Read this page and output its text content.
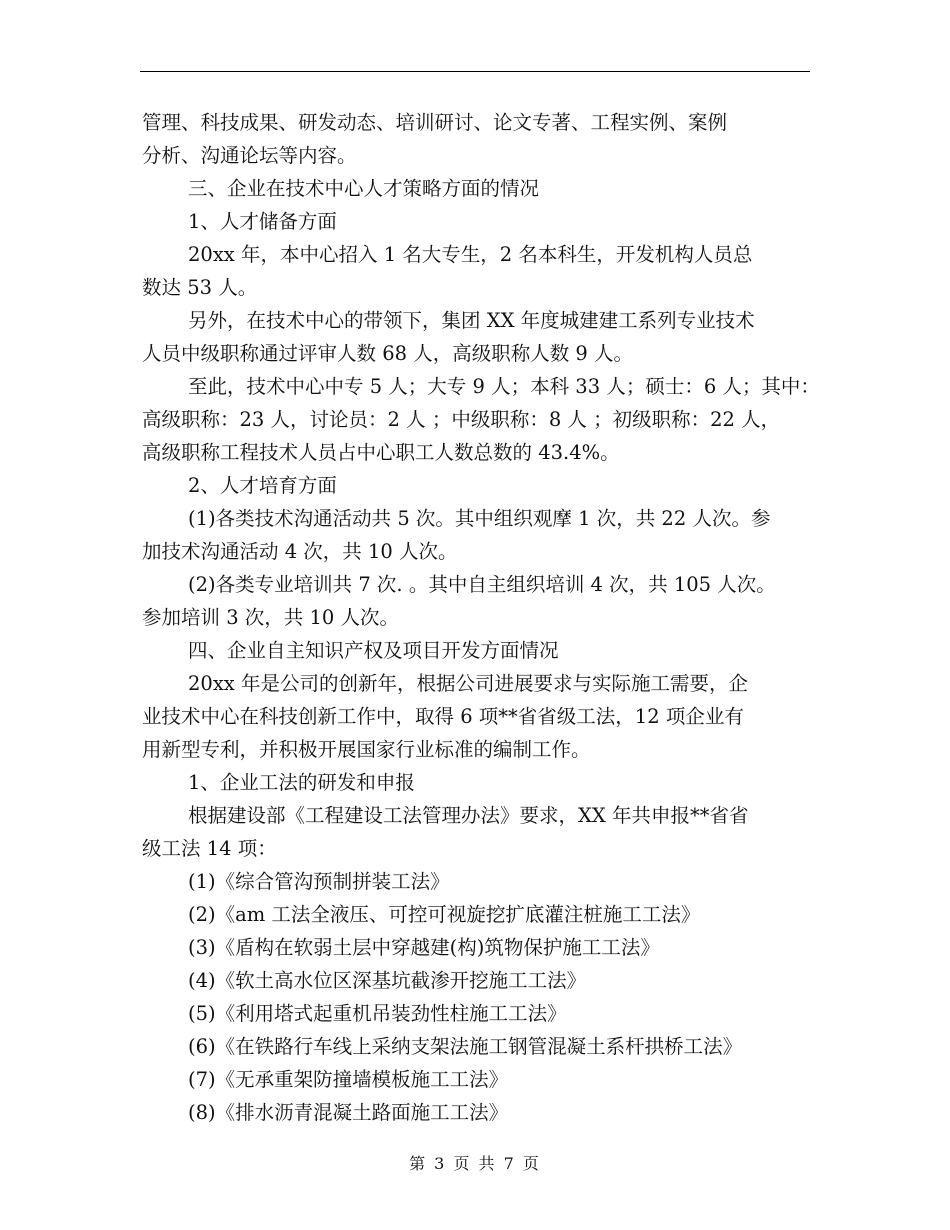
管理、科技成果、研发动态、培训研讨、论文专著、工程实例、案例
分析、沟通论坛等内容。
三、企业在技术中心人才策略方面的情况
1、人才储备方面
20xx 年，本中心招入 1 名大专生，2 名本科生，开发机构人员总
数达 53 人。
另外，在技术中心的带领下，集团 XX 年度城建建工系列专业技术
人员中级职称通过评审人数 68 人，高级职称人数 9 人。
至此，技术中心中专 5 人；大专 9 人；本科 33 人；硕士：6 人；其中：
高级职称：23 人，讨论员：2 人 ；中级职称：8 人 ；初级职称：22 人，
高级职称工程技术人员占中心职工人数总数的 43.4%。
2、人才培育方面
(1)各类技术沟通活动共 5 次。其中组织观摩 1 次，共 22 人次。参
加技术沟通活动 4 次，共 10 人次。
(2)各类专业培训共 7 次. 。其中自主组织培训 4 次，共 105 人次。
参加培训 3 次，共 10 人次。
四、企业自主知识产权及项目开发方面情况
20xx 年是公司的创新年，根据公司进展要求与实际施工需要，企
业技术中心在科技创新工作中，取得 6 项**省省级工法，12 项企业有
用新型专利，并积极开展国家行业标准的编制工作。
1、企业工法的研发和申报
根据建设部《工程建设工法管理办法》要求，XX 年共申报**省省
级工法 14 项：
(1)《综合管沟预制拼装工法》
(2)《am 工法全液压、可控可视旋挖扩底灌注桩施工工法》
(3)《盾构在软弱土层中穿越建(构)筑物保护施工工法》
(4)《软土高水位区深基坑截渗开挖施工工法》
(5)《利用塔式起重机吊装劲性柱施工工法》
(6)《在铁路行车线上采纳支架法施工钢管混凝土系杆拱桥工法》
(7)《无承重架防撞墙模板施工工法》
(8)《排水沥青混凝土路面施工工法》
第 3 页 共 7 页
